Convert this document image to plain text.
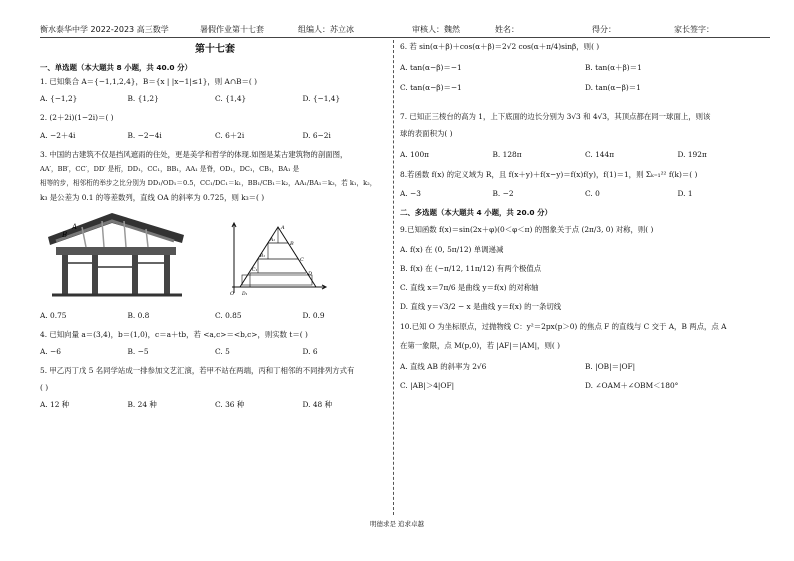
衡水泰华中学 2022-2023 高三数学	暑假作业第十七套	组编人：苏立冰	审核人：魏然	姓名：	得分：	家长签字：
第十七套
一、单选题（本大题共 8 小题，共 40.0 分）
1. 已知集合 A＝{−1,1,2,4}，B＝{x | |x−1|≤1}，则 A∩B＝( )
A. {−1,2}	B. {1,2}	C. {1,4}	D. {−1,4}
2. (2＋2i)(1−2i)＝( )
A. −2＋4i	B. −2−4i	C. 6＋2i	D. 6−2i
3. 中国的古建筑不仅是挡风遮雨的住处，更是美学和哲学的体现.如图是某古建筑物的剖面图，
AA′，BB′，CC′，DD′ 是桁，DD₁，CC₁，BB₁，AA₁ 是脊，OD₁，DC₁，CB₁，BA₁ 是
相等的步，相邻桁的举步之比分别为 DD₁/OD₁＝0.5，CC₁/DC₁＝k₁，BB₁/CB₁＝k₂，AA₁/BA₁＝k₃，若 k₁，k₂，
k₃ 是公差为 0.1 的等差数列，直线 OA 的斜率为 0.725，则 k₃＝( )
A
B
A
B
C
D
O D₁
C₁
B₁
A₁
A. 0.75	B. 0.8	C. 0.85	D. 0.9
4. 已知向量 a＝(3,4)，b＝(1,0)，c＝a＋tb，若 <a,c>＝<b,c>，则实数 t＝( )
A. −6	B. −5	C. 5	D. 6
5. 甲乙丙丁戊 5 名同学站成一排参加文艺汇演，若甲不站在两端，丙和丁相邻的不同排列方式有
( )
A. 12 种	B. 24 种	C. 36 种	D. 48 种
6. 若 sin(α＋β)＋cos(α＋β)＝2√2 cos(α＋π/4)sinβ，则( )
A. tan(α−β)＝−1	B. tan(α＋β)＝1
C. tan(α−β)＝−1	D. tan(α−β)＝1
7. 已知正三棱台的高为 1，上下底面的边长分别为 3√3 和 4√3，其顶点都在同一球面上，则该
球的表面积为( )
A. 100π	B. 128π	C. 144π	D. 192π
8.若函数 f(x) 的定义域为 R，且 f(x＋y)＋f(x−y)＝f(x)f(y)，f(1)＝1，则 Σₖ₌₁²² f(k)＝( )
A. −3	B. −2	C. 0	D. 1
二、多选题（本大题共 4 小题，共 20.0 分）
9.已知函数 f(x)＝sin(2x＋φ)(0＜φ＜π) 的图象关于点 (2π/3, 0) 对称，则( )
A. f(x) 在 (0, 5π/12) 单调递减
B. f(x) 在 (−π/12, 11π/12) 有两个极值点
C. 直线 x＝7π/6 是曲线 y＝f(x) 的对称轴
D. 直线 y＝√3/2 − x 是曲线 y＝f(x) 的一条切线
10.已知 O 为坐标原点，过抛物线 C：y²＝2px(p＞0) 的焦点 F 的直线与 C 交于 A，B 两点，点 A
在第一象限，点 M(p,0)，若 |AF|＝|AM|，则( )
A. 直线 AB 的斜率为 2√6	B. |OB|＝|OF|
C. |AB|＞4|OF|	D. ∠OAM＋∠OBM＜180°
明德求是 追求卓越
